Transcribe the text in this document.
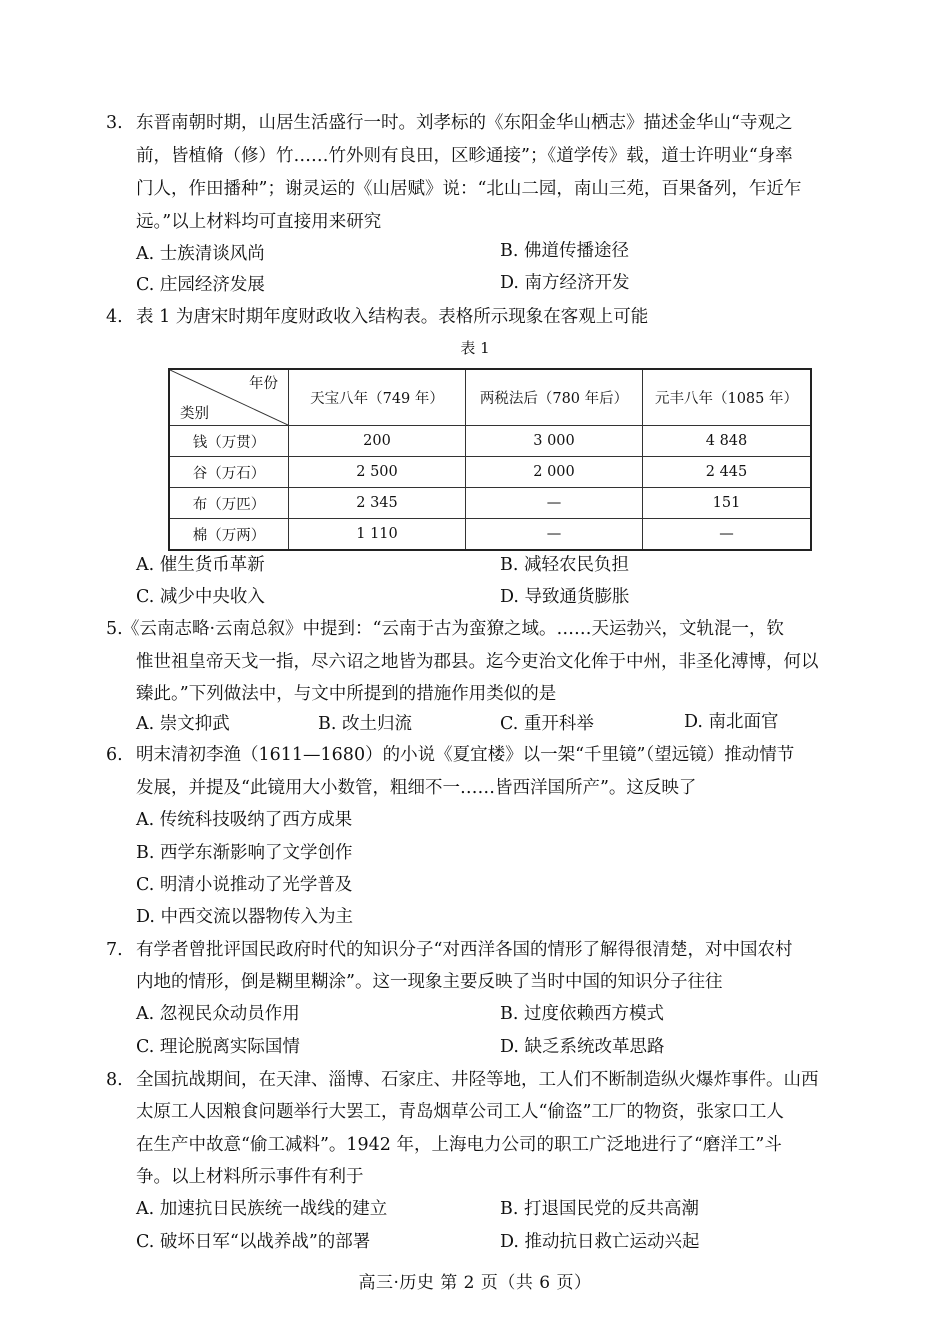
3. 东晋南朝时期，山居生活盛行一时。刘孝标的《东阳金华山栖志》描述金华山“寺观之
前，皆植脩（修）竹……竹外则有良田，区畛通接”；《道学传》载，道士许明业“身率
门人，作田播种”；谢灵运的《山居赋》说：“北山二园，南山三苑，百果备列，乍近乍
远。”以上材料均可直接用来研究
A. 士族清谈风尚	B. 佛道传播途径
C. 庄园经济发展	D. 南方经济开发
4. 表 1 为唐宋时期年度财政收入结构表。表格所示现象在客观上可能
表 1
年份
类别	天宝八年（749 年）	两税法后（780 年后）	元丰八年（1085 年）
钱（万贯）	200	3 000	4 848
谷（万石）	2 500	2 000	2 445
布（万匹）	2 345	—	151
棉（万两）	1 110	—	—
A. 催生货币革新	B. 减轻农民负担
C. 减少中央收入	D. 导致通货膨胀
5. 《云南志略·云南总叙》中提到：“云南于古为蛮獠之域。……天运勃兴，文轨混一，钦
惟世祖皇帝天戈一指，尽六诏之地皆为郡县。迄今吏治文化侔于中州，非圣化溥博，何以
臻此。”下列做法中，与文中所提到的措施作用类似的是
A. 崇文抑武	B. 改土归流	C. 重开科举	D. 南北面官
6. 明末清初李渔（1611—1680）的小说《夏宜楼》以一架“千里镜”（望远镜）推动情节
发展，并提及“此镜用大小数管，粗细不一……皆西洋国所产”。这反映了
A. 传统科技吸纳了西方成果
B. 西学东渐影响了文学创作
C. 明清小说推动了光学普及
D. 中西交流以器物传入为主
7. 有学者曾批评国民政府时代的知识分子“对西洋各国的情形了解得很清楚，对中国农村
内地的情形，倒是糊里糊涂”。这一现象主要反映了当时中国的知识分子往往
A. 忽视民众动员作用	B. 过度依赖西方模式
C. 理论脱离实际国情	D. 缺乏系统改革思路
8. 全国抗战期间，在天津、淄博、石家庄、井陉等地，工人们不断制造纵火爆炸事件。山西
太原工人因粮食问题举行大罢工，青岛烟草公司工人“偷盗”工厂的物资，张家口工人
在生产中故意“偷工减料”。1942 年，上海电力公司的职工广泛地进行了“磨洋工”斗
争。以上材料所示事件有利于
A. 加速抗日民族统一战线的建立	B. 打退国民党的反共高潮
C. 破坏日军“以战养战”的部署	D. 推动抗日救亡运动兴起
高三·历史 第 2 页（共 6 页）
